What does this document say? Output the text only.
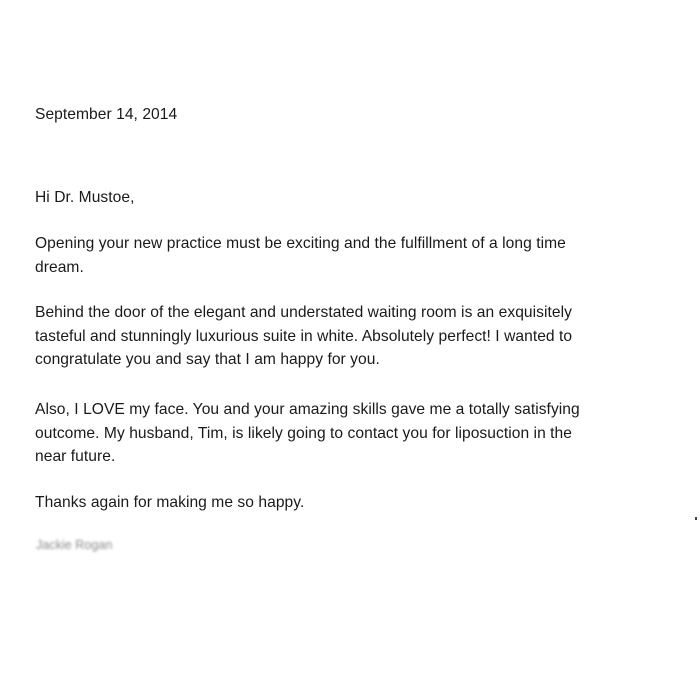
September 14, 2014

Hi Dr. Mustoe,

Opening your new practice must be exciting and the fulfillment of a long time
dream.

Behind the door of the elegant and understated waiting room is an exquisitely
tasteful and stunningly luxurious suite in white. Absolutely perfect! I wanted to
congratulate you and say that I am happy for you.

Also, I LOVE my face. You and your amazing skills gave me a totally satisfying
outcome. My husband, Tim, is likely going to contact you for liposuction in the
near future.

Thanks again for making me so happy.

Jackie Rogan
